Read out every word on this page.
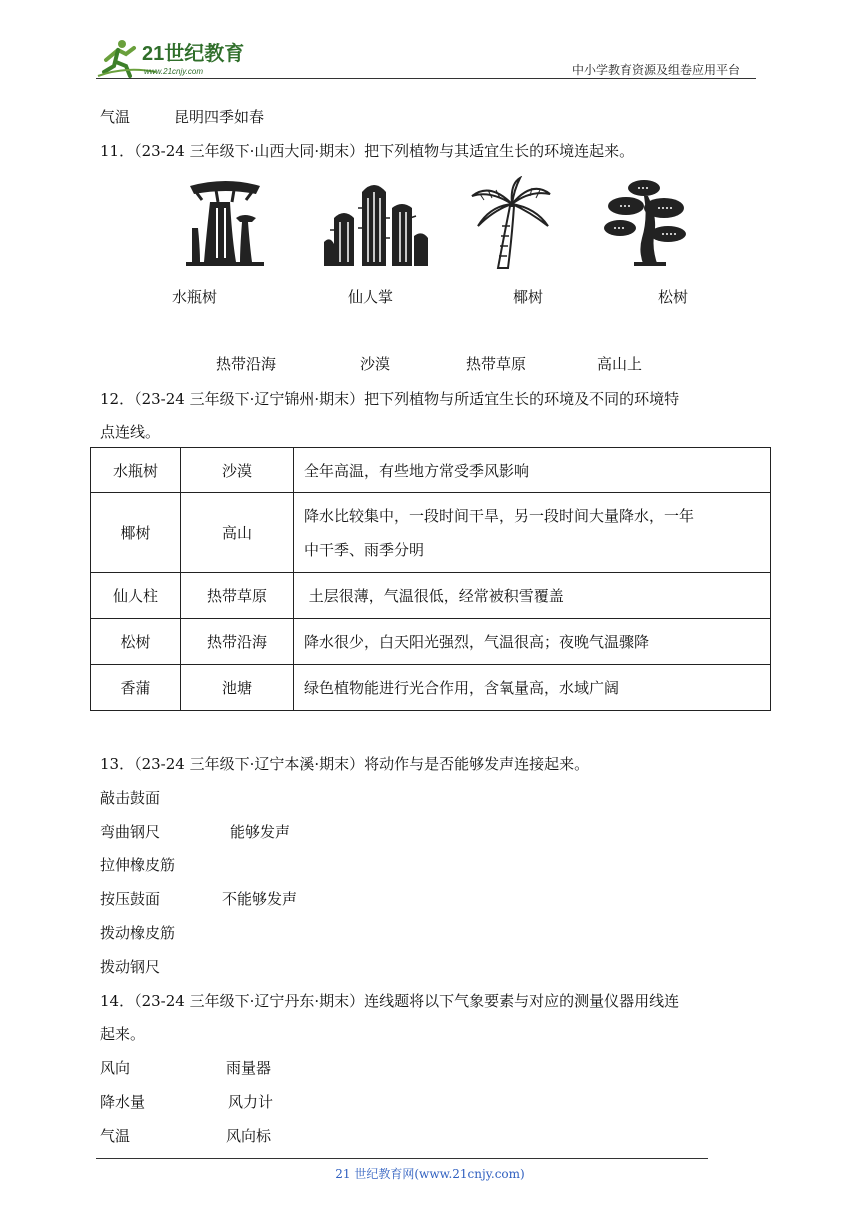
21世纪教育
www.21cnjy.com	中小学教育资源及组卷应用平台
气温	昆明四季如春
11．（23-24 三年级下·山西大同·期末）把下列植物与其适宜生长的环境连起来。
水瓶树	仙人掌	椰树	松树
热带沿海	沙漠	热带草原	高山上
12．（23-24 三年级下·辽宁锦州·期末）把下列植物与所适宜生长的环境及不同的环境特
点连线。
水瓶树	沙漠	全年高温，有些地方常受季风影响
椰树	高山	降水比较集中，一段时间干旱，另一段时间大量降水，一年
中干季、雨季分明

仙人柱	热带草原	土层很薄，气温很低，经常被积雪覆盖
松树	热带沿海	降水很少，白天阳光强烈，气温很高；夜晚气温骤降
香蒲	池塘	绿色植物能进行光合作用，含氧量高，水域广阔
13．（23-24 三年级下·辽宁本溪·期末）将动作与是否能够发声连接起来。
敲击鼓面
弯曲钢尺	能够发声
拉伸橡皮筋
按压鼓面	不能够发声
拨动橡皮筋
拨动钢尺
14．（23-24 三年级下·辽宁丹东·期末）连线题将以下气象要素与对应的测量仪器用线连
起来。
风向	雨量器
降水量	风力计
气温	风向标
21 世纪教育网(www.21cnjy.com)
